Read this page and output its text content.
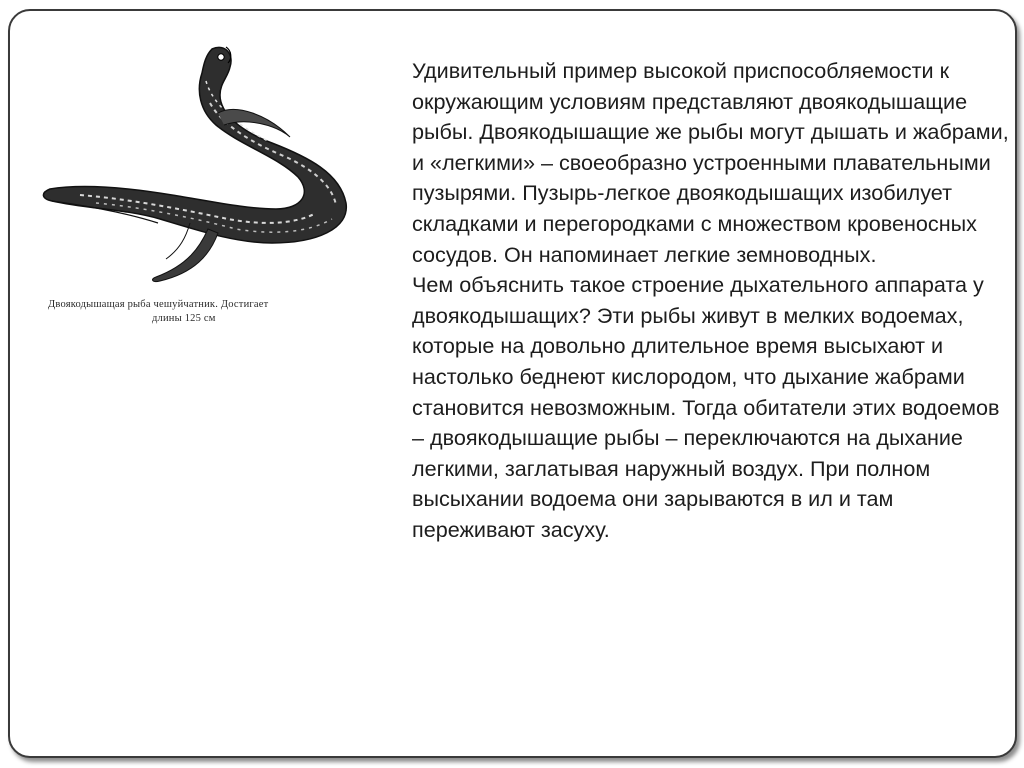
Двоякодышащая рыба чешуйчатник. Достигает
длины 125 см

Удивительный пример высокой приспособляемости к окружающим условиям представляют двоякодышащие рыбы. Двоякодышащие же рыбы могут дышать и жабрами, и «легкими» – своеобразно устроенными плавательными пузырями. Пузырь-легкое двоякодышащих изобилует складками и перегородками с множеством кровеносных сосудов. Он напоминает легкие земноводных.

Чем объяснить такое строение дыхательного аппарата у двоякодышащих? Эти рыбы живут в мелких водоемах, которые на довольно длительное время высыхают и настолько беднеют кислородом, что дыхание жабрами становится невозможным. Тогда обитатели этих водоемов – двоякодышащие рыбы – переключаются на дыхание легкими, заглатывая наружный воздух. При полном высыхании водоема они зарываются в ил и там переживают засуху.
